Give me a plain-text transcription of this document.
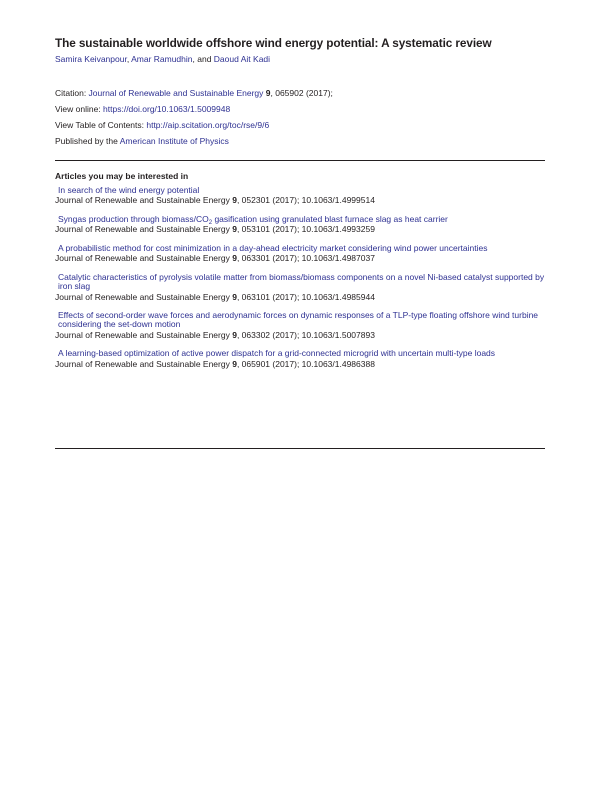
The sustainable worldwide offshore wind energy potential: A systematic review
Samira Keivanpour, Amar Ramudhin, and Daoud Ait Kadi
Citation: Journal of Renewable and Sustainable Energy 9, 065902 (2017);
View online: https://doi.org/10.1063/1.5009948
View Table of Contents: http://aip.scitation.org/toc/rse/9/6
Published by the American Institute of Physics
Articles you may be interested in
In search of the wind energy potential
Journal of Renewable and Sustainable Energy 9, 052301 (2017); 10.1063/1.4999514
Syngas production through biomass/$CO_2$ gasification using granulated blast furnace slag as heat carrier
Journal of Renewable and Sustainable Energy 9, 053101 (2017); 10.1063/1.4993259
A probabilistic method for cost minimization in a day-ahead electricity market considering wind power uncertainties
Journal of Renewable and Sustainable Energy 9, 063301 (2017); 10.1063/1.4987037
Catalytic characteristics of pyrolysis volatile matter from biomass/biomass components on a novel Ni-based catalyst supported by iron slag
Journal of Renewable and Sustainable Energy 9, 063101 (2017); 10.1063/1.4985944
Effects of second-order wave forces and aerodynamic forces on dynamic responses of a TLP-type floating offshore wind turbine considering the set-down motion
Journal of Renewable and Sustainable Energy 9, 063302 (2017); 10.1063/1.5007893
A learning-based optimization of active power dispatch for a grid-connected microgrid with uncertain multi-type loads
Journal of Renewable and Sustainable Energy 9, 065901 (2017); 10.1063/1.4986388
